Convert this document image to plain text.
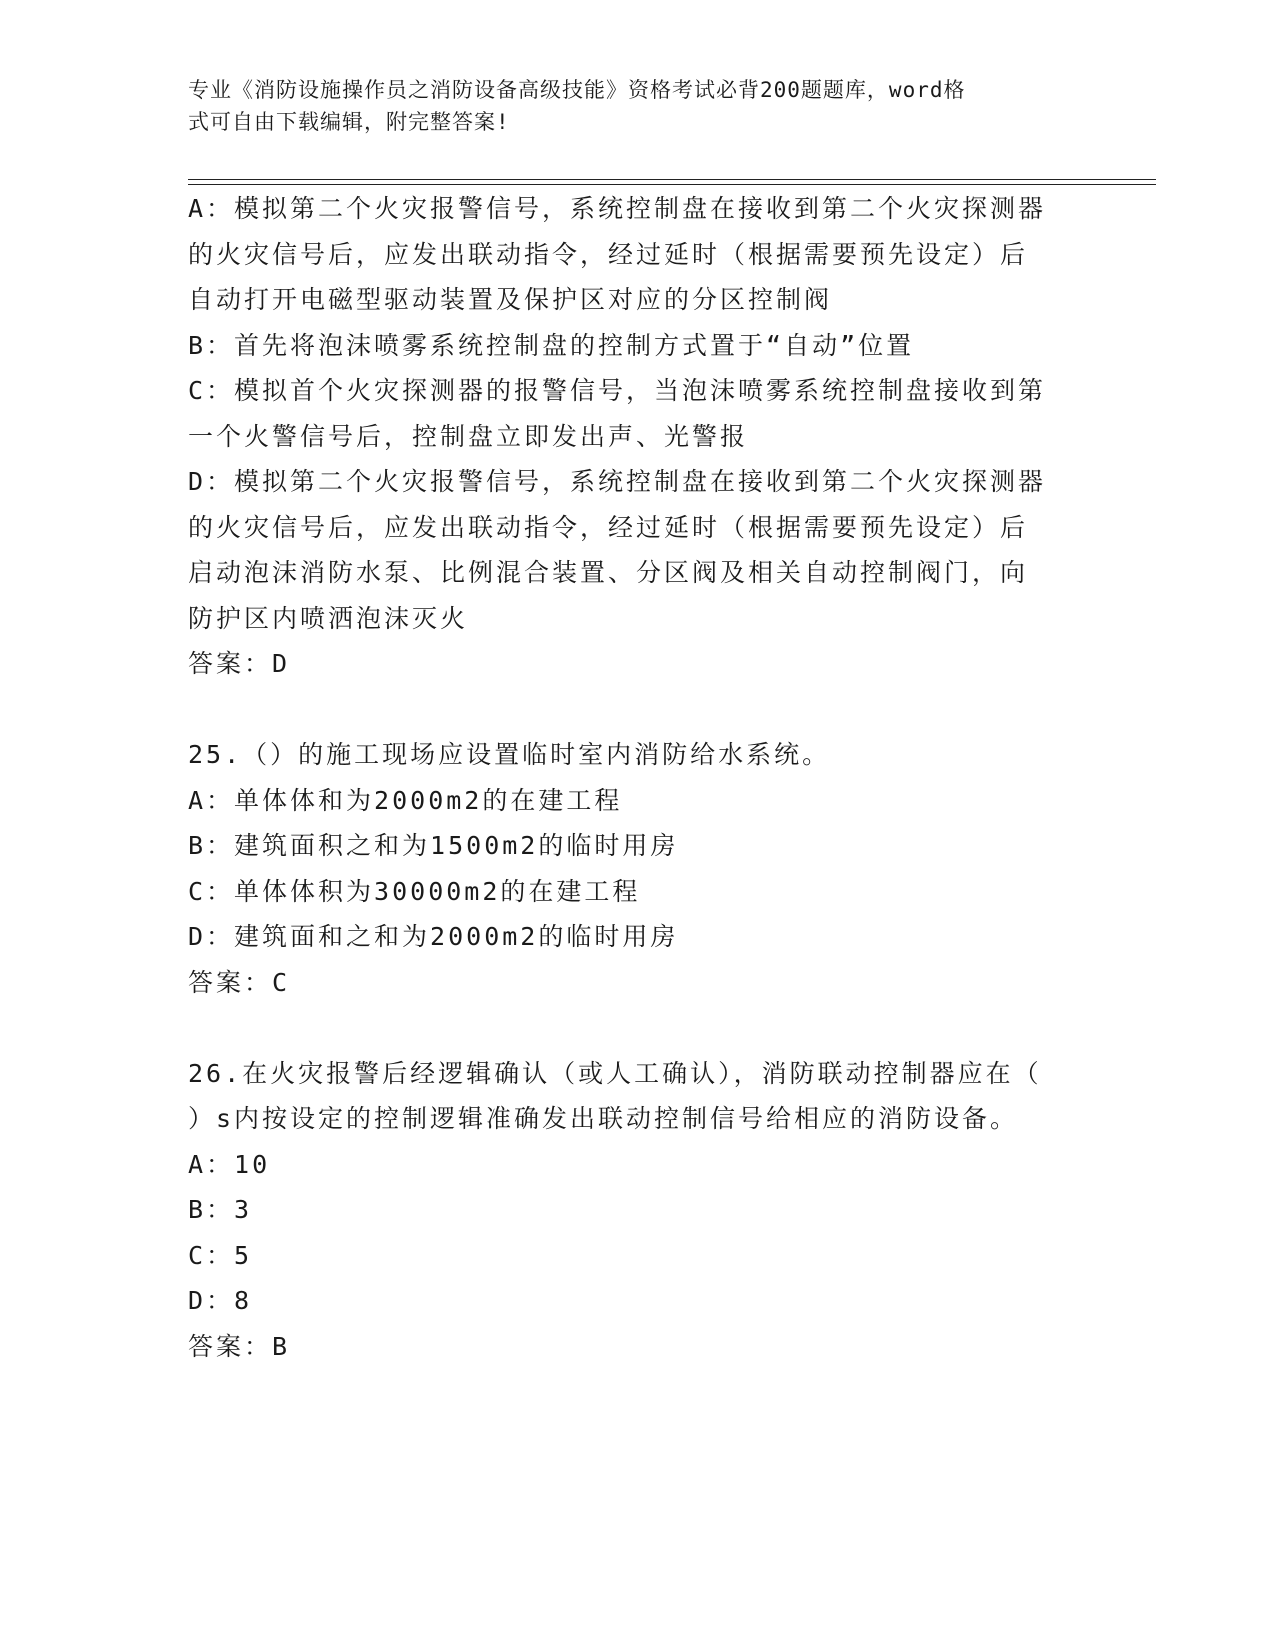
专业《消防设施操作员之消防设备高级技能》资格考试必背200题题库，word格
式可自由下载编辑，附完整答案!
A：模拟第二个火灾报警信号，系统控制盘在接收到第二个火灾探测器
的火灾信号后，应发出联动指令，经过延时（根据需要预先设定）后
自动打开电磁型驱动装置及保护区对应的分区控制阀
B：首先将泡沫喷雾系统控制盘的控制方式置于“自动”位置
C：模拟首个火灾探测器的报警信号，当泡沫喷雾系统控制盘接收到第
一个火警信号后，控制盘立即发出声、光警报
D：模拟第二个火灾报警信号，系统控制盘在接收到第二个火灾探测器
的火灾信号后，应发出联动指令，经过延时（根据需要预先设定）后
启动泡沫消防水泵、比例混合装置、分区阀及相关自动控制阀门，向
防护区内喷洒泡沫灭火
答案：D
25.（）的施工现场应设置临时室内消防给水系统。
A：单体体和为2000m2的在建工程
B：建筑面积之和为1500m2的临时用房
C：单体体积为30000m2的在建工程
D：建筑面和之和为2000m2的临时用房
答案：C
26.在火灾报警后经逻辑确认（或人工确认），消防联动控制器应在（
）s内按设定的控制逻辑准确发出联动控制信号给相应的消防设备。
A：10
B：3
C：5
D：8
答案：B
